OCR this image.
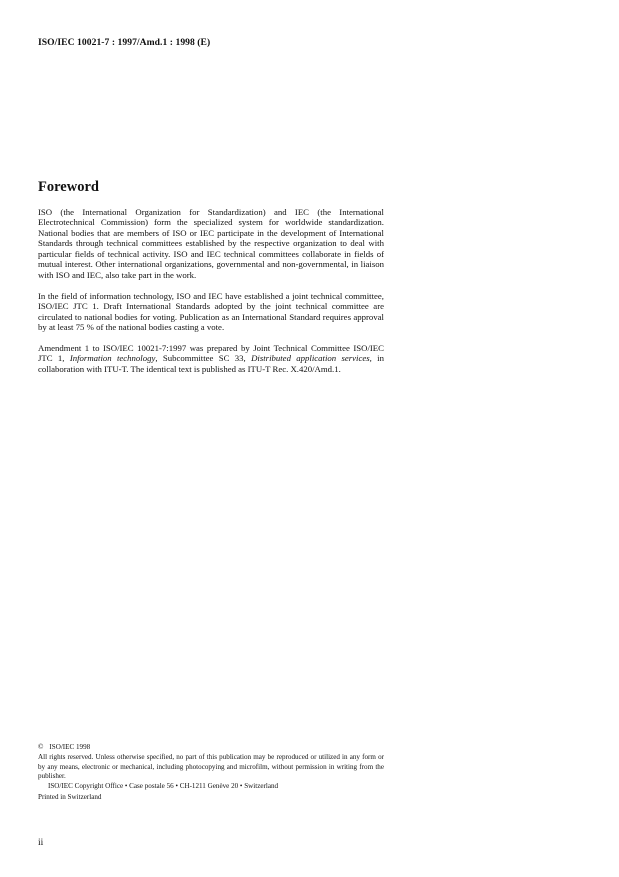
ISO/IEC 10021-7 : 1997/Amd.1 : 1998 (E)
Foreword

ISO (the International Organization for Standardization) and IEC (the International Electrotechnical Commission) form the specialized system for worldwide standardization. National bodies that are members of ISO or IEC participate in the development of International Standards through technical committees established by the respective organization to deal with particular fields of technical activity. ISO and IEC technical committees collaborate in fields of mutual interest. Other international organizations, governmental and non-governmental, in liaison with ISO and IEC, also take part in the work.

In the field of information technology, ISO and IEC have established a joint technical committee, ISO/IEC JTC 1. Draft International Standards adopted by the joint technical committee are circulated to national bodies for voting. Publication as an International Standard requires approval by at least 75 % of the national bodies casting a vote.

Amendment 1 to ISO/IEC 10021-7:1997 was prepared by Joint Technical Committee ISO/IEC JTC 1, Information technology, Subcommittee SC 33, Distributed application services, in collaboration with ITU-T. The identical text is published as ITU-T Rec. X.420/Amd.1.

© ISO/IEC 1998
All rights reserved. Unless otherwise specified, no part of this publication may be reproduced or utilized in any form or by any means, electronic or mechanical, including photocopying and microfilm, without permission in writing from the publisher.
ISO/IEC Copyright Office • Case postale 56 • CH-1211 Genève 20 • Switzerland
Printed in Switzerland
ii
